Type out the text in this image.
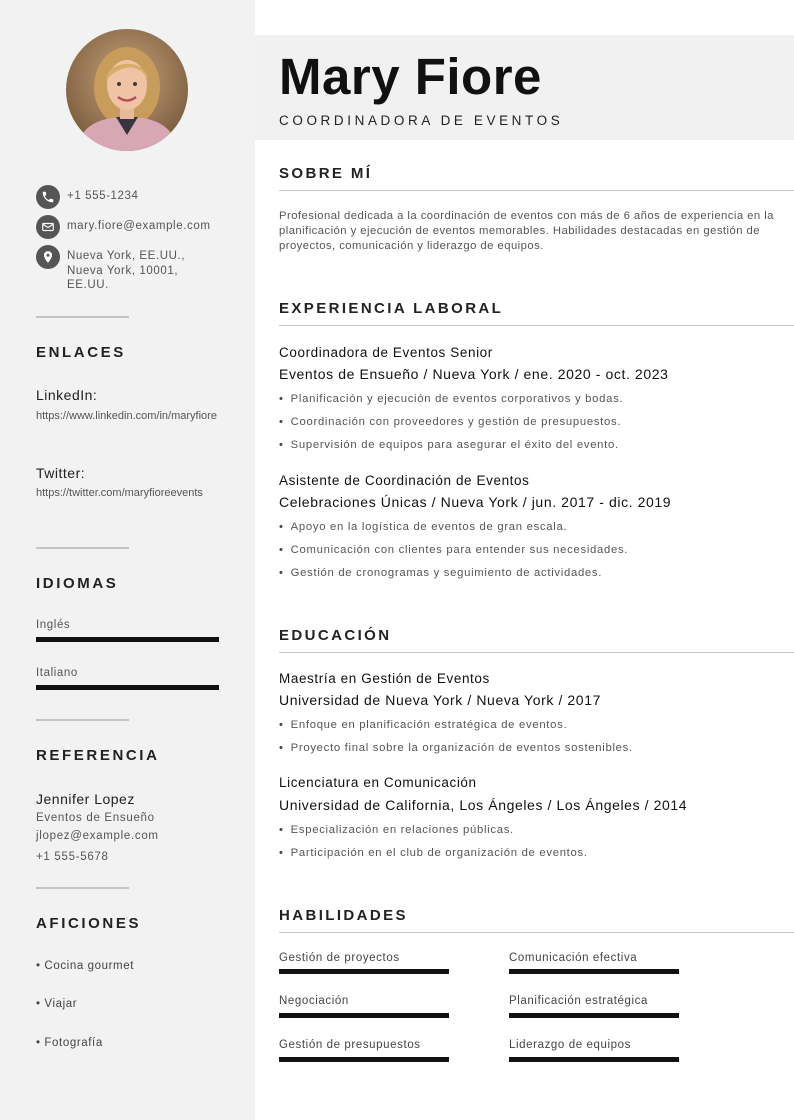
+1 555-1234
mary.fiore@example.com
Nueva York, EE.UU., Nueva York, 10001, EE.UU.
ENLACES
LinkedIn:
https://www.linkedin.com/in/maryfiore
Twitter:
https://twitter.com/maryfioreevents
IDIOMAS
Inglés
Italiano
REFERENCIA
Jennifer Lopez
Eventos de Ensueño
jlopez@example.com
+1 555-5678
AFICIONES
• Cocina gourmet
• Viajar
• Fotografía
Mary Fiore
COORDINADORA DE EVENTOS
SOBRE MÍ
Profesional dedicada a la coordinación de eventos con más de 6 años de experiencia en la planificación y ejecución de eventos memorables. Habilidades destacadas en gestión de proyectos, comunicación y liderazgo de equipos.
EXPERIENCIA LABORAL
Coordinadora de Eventos Senior
Eventos de Ensueño / Nueva York / ene. 2020 - oct. 2023
• Planificación y ejecución de eventos corporativos y bodas.
• Coordinación con proveedores y gestión de presupuestos.
• Supervisión de equipos para asegurar el éxito del evento.
Asistente de Coordinación de Eventos
Celebraciones Únicas / Nueva York / jun. 2017 - dic. 2019
• Apoyo en la logística de eventos de gran escala.
• Comunicación con clientes para entender sus necesidades.
• Gestión de cronogramas y seguimiento de actividades.
EDUCACIÓN
Maestría en Gestión de Eventos
Universidad de Nueva York / Nueva York / 2017
• Enfoque en planificación estratégica de eventos.
• Proyecto final sobre la organización de eventos sostenibles.
Licenciatura en Comunicación
Universidad de California, Los Ángeles / Los Ángeles / 2014
• Especialización en relaciones públicas.
• Participación en el club de organización de eventos.
HABILIDADES
Gestión de proyectos	Comunicación efectiva
Negociación	Planificación estratégica
Gestión de presupuestos	Liderazgo de equipos
